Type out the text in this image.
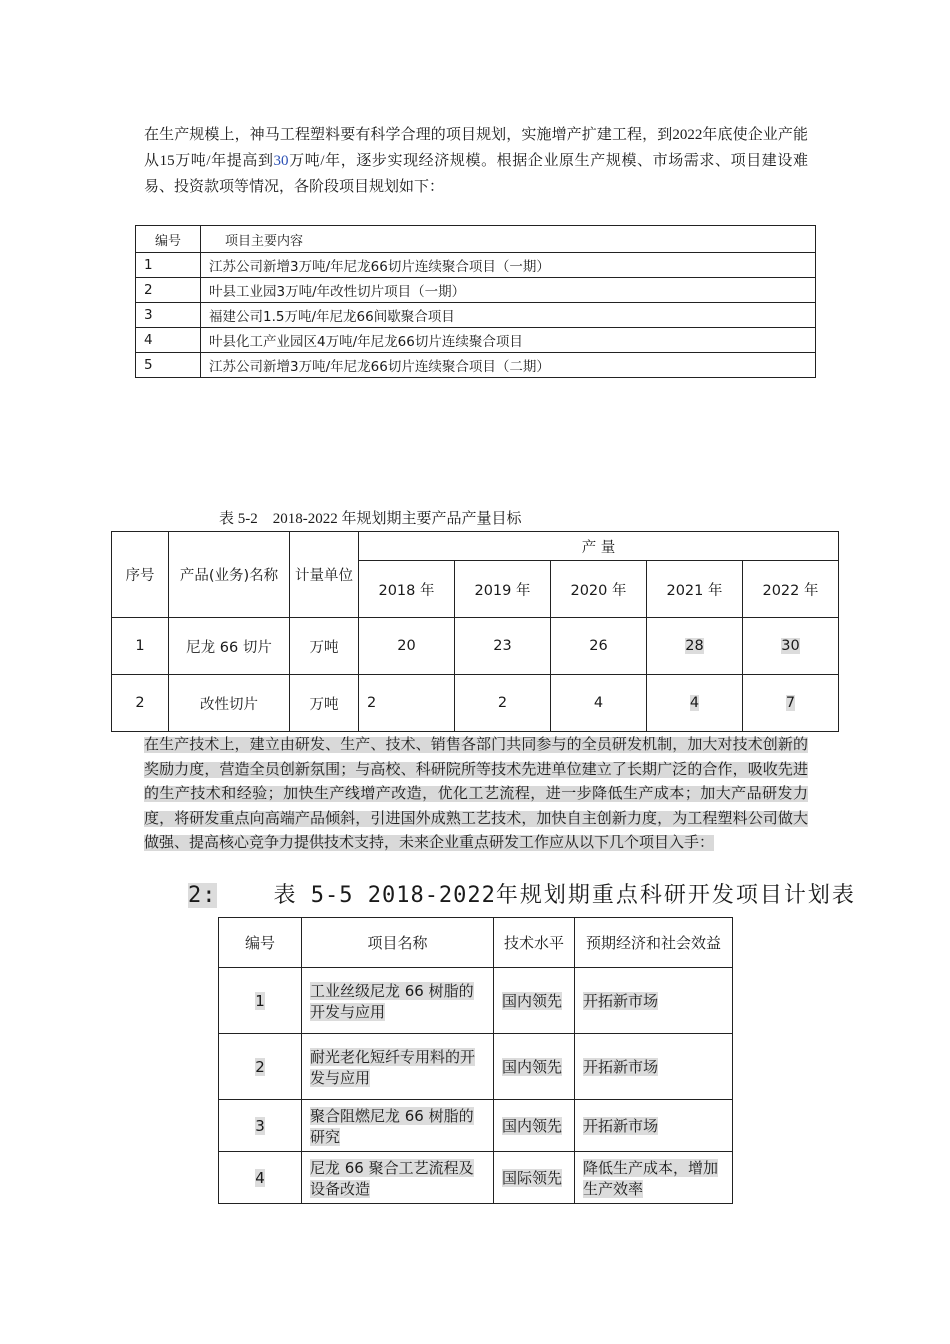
在生产规模上，神马工程塑料要有科学合理的项目规划，实施增产扩建工程，到2022年底使企业产能从15万吨/年提高到30万吨/年，逐步实现经济规模。根据企业原生产规模、市场需求、项目建设难易、投资款项等情况，各阶段项目规划如下：

编号	项目主要内容
1	江苏公司新增3万吨/年尼龙66切片连续聚合项目（一期）
2	叶县工业园3万吨/年改性切片项目（一期）
3	福建公司1.5万吨/年尼龙66间歇聚合项目
4	叶县化工产业园区4万吨/年尼龙66切片连续聚合项目
5	江苏公司新增3万吨/年尼龙66切片连续聚合项目（二期）
表 5-2　2018-2022 年规划期主要产品产量目标
序号	产品(业务)名称	计量单位	产 量				
			2018 年	2019 年	2020 年	2021 年	2022 年
1	尼龙 66 切片	万吨	20	23	26	28	30
2	改性切片	万吨	2	2	4	4	7
在生产技术上，建立由研发、生产、技术、销售各部门共同参与的全员研发机制，加大对技术创新的奖励力度，营造全员创新氛围；与高校、科研院所等技术先进单位建立了长期广泛的合作，吸收先进的生产技术和经验；加快生产线增产改造，优化工艺流程，进一步降低生产成本；加大产品研发力度，将研发重点向高端产品倾斜，引进国外成熟工艺技术，加快自主创新力度，为工程塑料公司做大做强、提高核心竞争力提供技术支持，未来企业重点研发工作应从以下几个项目入手：
2:	表 5-5 2018-2022年规划期重点科研开发项目计划表
编号	项目名称	技术水平	预期经济和社会效益
1	工业丝级尼龙 66 树脂的开发与应用	国内领先	开拓新市场
2	耐光老化短纤专用料的开发与应用	国内领先	开拓新市场
3	聚合阻燃尼龙 66 树脂的研究	国内领先	开拓新市场
4	尼龙 66 聚合工艺流程及设备改造	国际领先	降低生产成本，增加生产效率
